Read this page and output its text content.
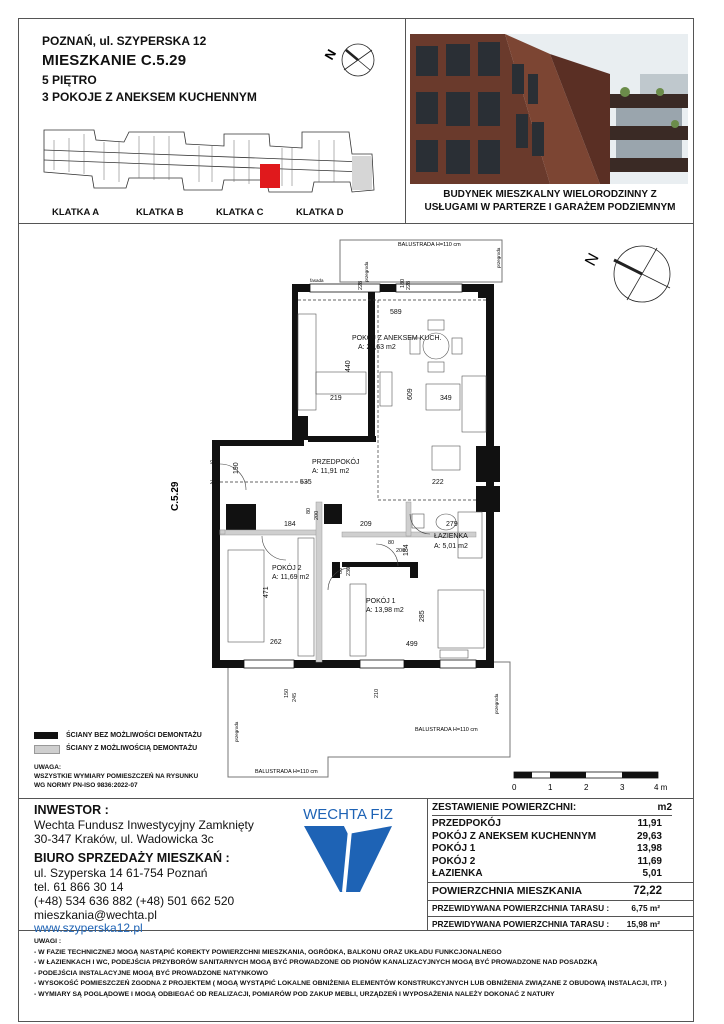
POZNAŃ, ul. SZYPERSKA 12
MIESZKANIE C.5.29
5 PIĘTRO
3 POKOJE Z ANEKSEM KUCHENNYM
N
KLATKA A	KLATKA B	KLATKA C	KLATKA D
BUDYNEK MIESZKALNY WIELORODZINNY Z
USŁUGAMI W PARTERZE I GARAŻEM PODZIEMNYM
N
C.5.29
BALUSTRADA H=110 cm
BALUSTRADA H=110 cm
BALUSTRADA H=110 cm
przegroda
przegroda
przegroda
przegroda
fasada
POKÓJ Z ANEKSEM KUCH.
A: 29,63 m2
PRZEDPOKÓJ
A: 11,91 m2
ŁAZIENKA
A: 5,01 m2
POKÓJ 2
A: 11,69 m2
POKÓJ 1
A: 13,98 m2
589
440
219	609	349
190
535	222
184	209	279
184
471
285
262	499
90
200
80 200
200
80
80 230
228	228
180
150 245	210
ŚCIANY BEZ MOŻLIWOŚCI DEMONTAŻU
ŚCIANY Z MOŻLIWOŚCIĄ DEMONTAŻU
UWAGA:
WSZYSTKIE WYMIARY POMIESZCZEŃ NA RYSUNKU
WG NORMY PN-ISO 9836:2022-07	0	1	2	3	4 m
INWESTOR :
Wechta Fundusz Inwestycyjny Zamknięty
30-347 Kraków, ul. Wadowicka 3c
BIURO SPRZEDAŻY MIESZKAŃ :
ul. Szyperska 14 61-754 Poznań
tel. 61 866 30 14
(+48) 534 636 882 (+48) 501 662 520
mieszkania@wechta.pl
www.szyperska12.pl
WECHTA FIZ	ZESTAWIENIE POWIERZCHNI:	m2
PRZEDPOKÓJ	11,91
POKÓJ Z ANEKSEM KUCHENNYM	29,63
POKÓJ 1	13,98
POKÓJ 2	11,69
ŁAZIENKA	5,01
POWIERZCHNIA MIESZKANIA	72,22
PRZEWIDYWANA POWIERZCHNIA TARASU :	6,75 m²
PRZEWIDYWANA POWIERZCHNIA TARASU : 15,98 m²
UWAGI :
- W FAZIE TECHNICZNEJ MOGĄ NASTĄPIĆ KOREKTY POWIERZCHNI MIESZKANIA, OGRÓDKA, BALKONU ORAZ UKŁADU FUNKCJONALNEGO
- W ŁAZIENKACH I WC, PODEJŚCIA PRZYBORÓW SANITARNYCH MOGĄ BYĆ PROWADZONE OD PIONÓW KANALIZACYJNYCH MOGĄ BYĆ PROWADZONE NAD POSADZKĄ
- PODEJŚCIA INSTALACYJNE MOGĄ BYĆ PROWADZONE NATYNKOWO
- WYSOKOŚĆ POMIESZCZEŃ ZGODNA Z PROJEKTEM ( MOGĄ WYSTĄPIĆ LOKALNE OBNIŻENIA ELEMENTÓW KONSTRUKCYJNYCH LUB OBNIŻENIA ZWIĄZANE Z OBUDOWĄ INSTALACJI, ITP. )
- WYMIARY SĄ POGLĄDOWE I MOGĄ ODBIEGAĆ OD REALIZACJI, POMIARÓW POD ZAKUP MEBLI, URZĄDZEŃ I WYPOSAŻENIA NALEŻY DOKONAĆ Z NATURY
